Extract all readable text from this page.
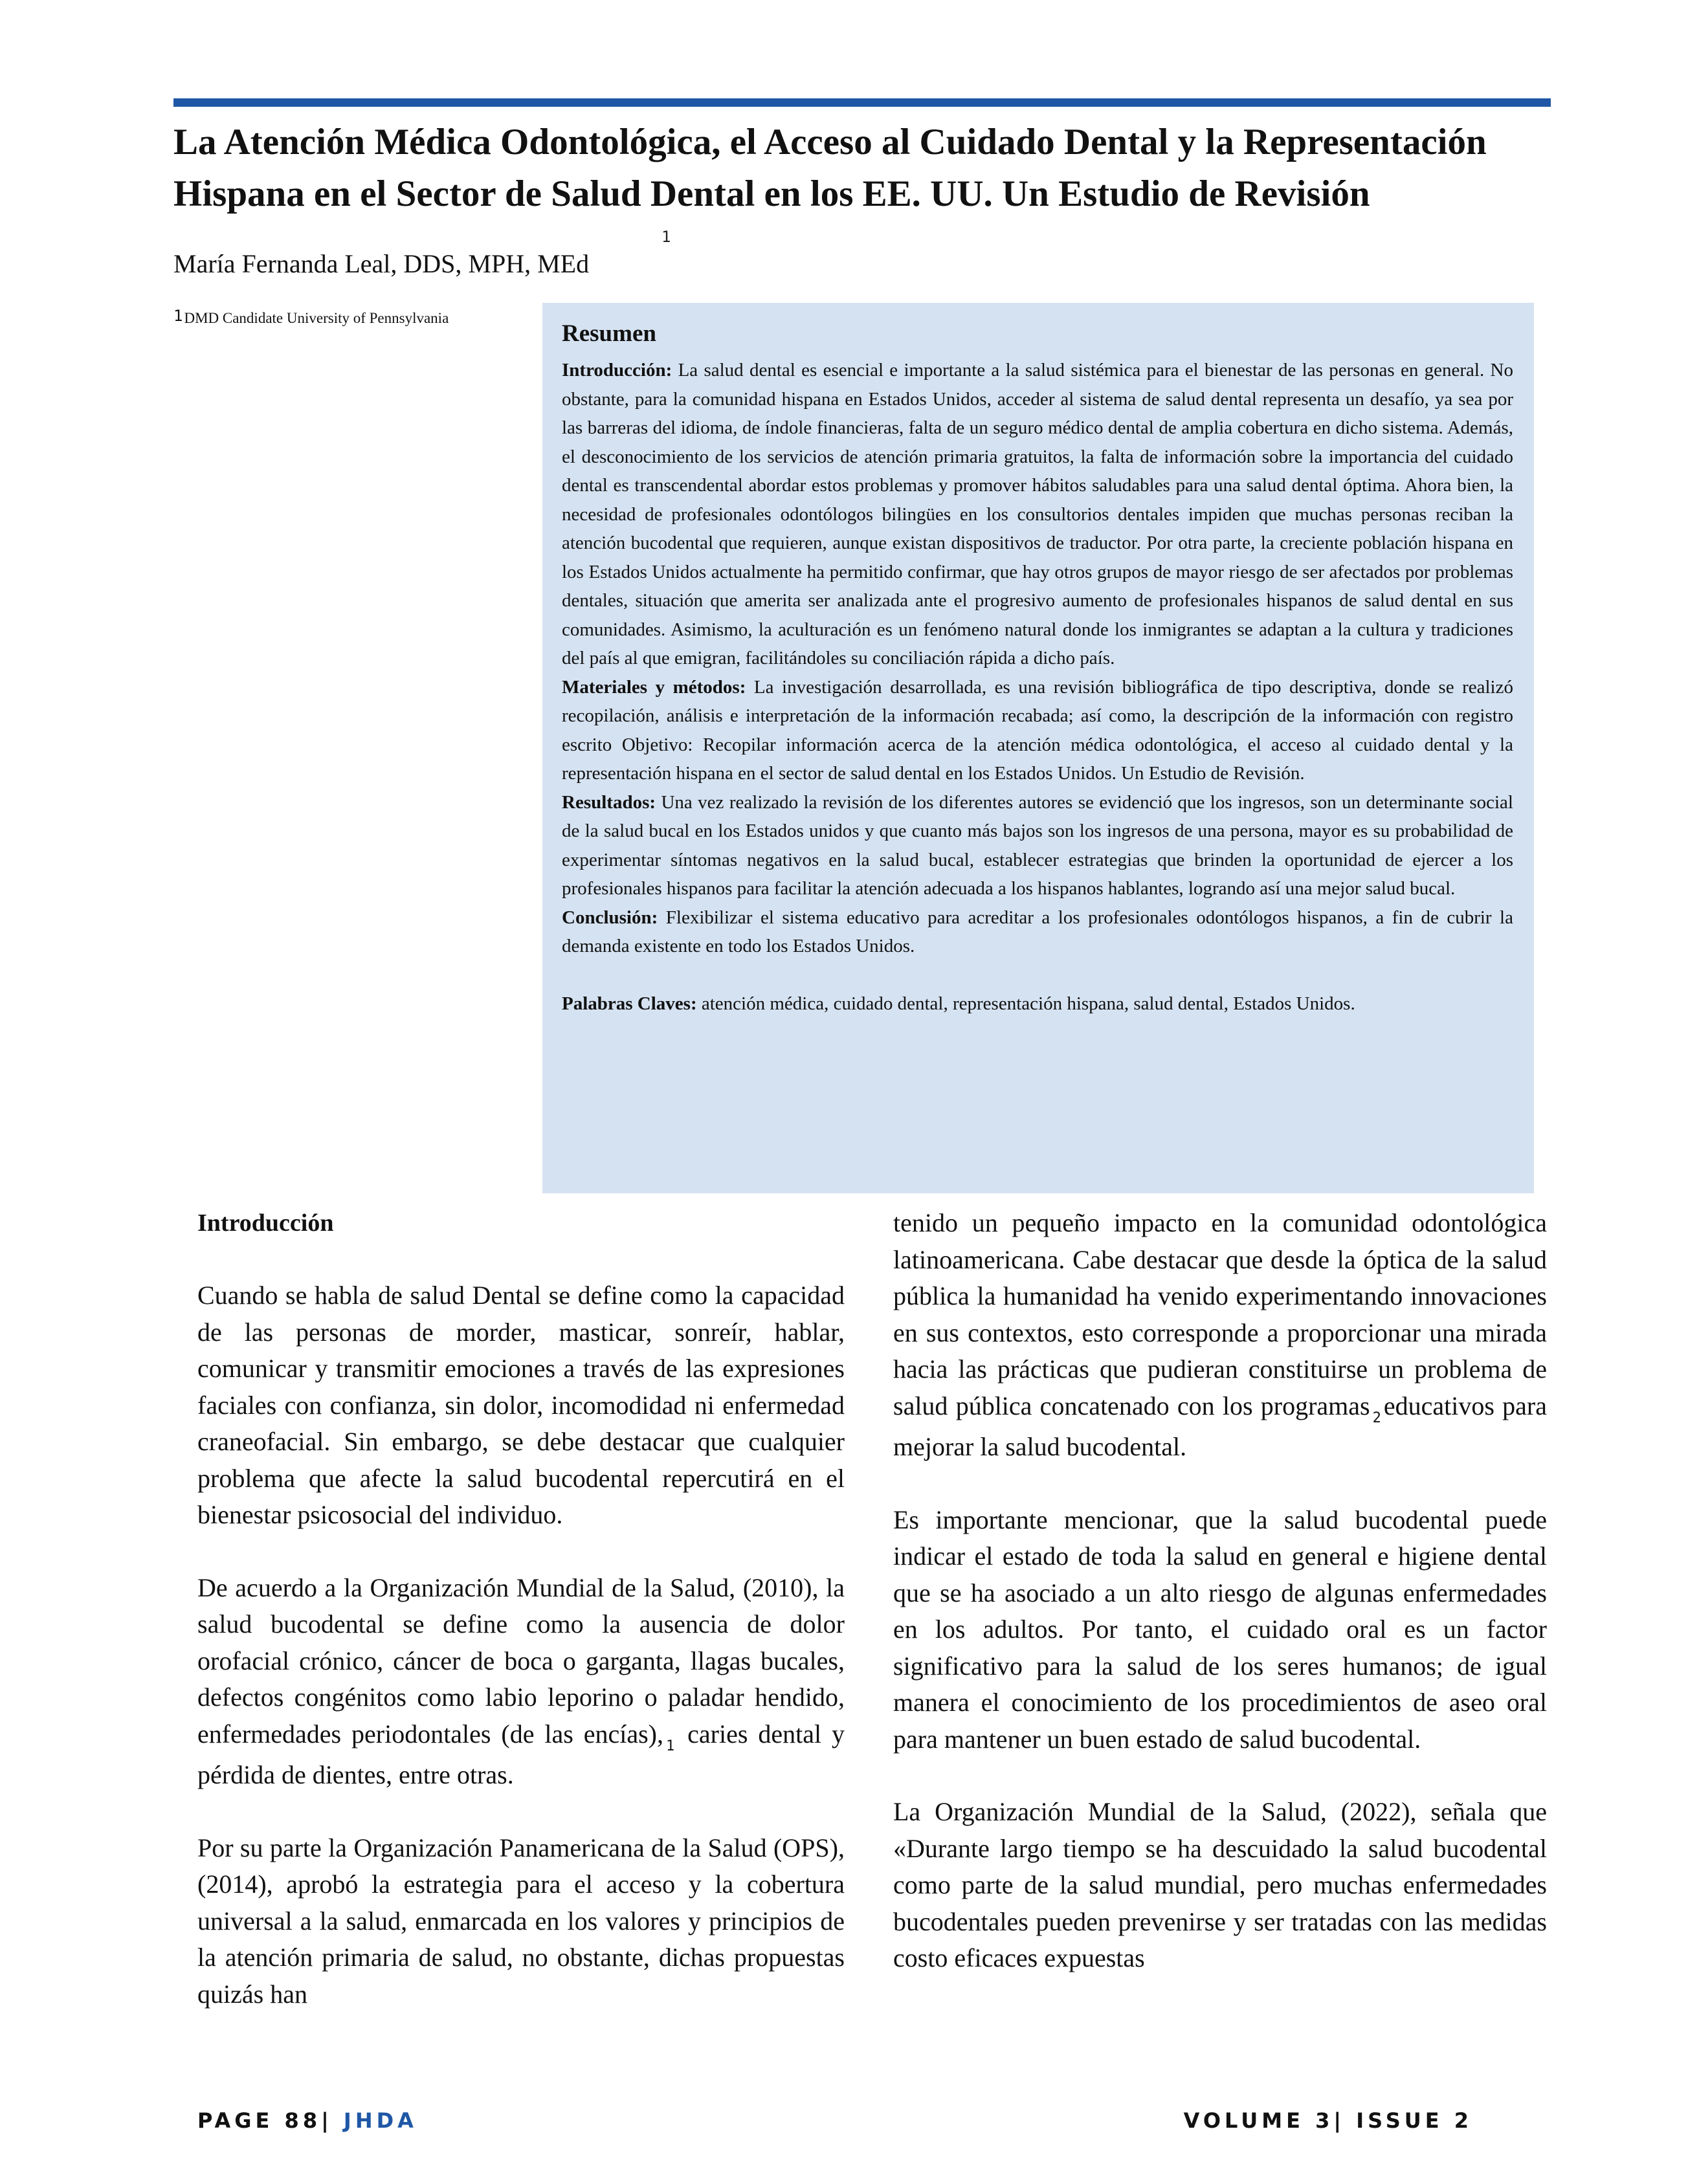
La Atención Médica Odontológica, el Acceso al Cuidado Dental y la Representación Hispana en el Sector de Salud Dental en los EE. UU. Un Estudio de Revisión
1
María Fernanda Leal, DDS, MPH, MEd
1DMD Candidate University of Pennsylvania
Resumen

Introducción: La salud dental es esencial e importante a la salud sistémica para el bienestar de las personas en general. No obstante, para la comunidad hispana en Estados Unidos, acceder al sistema de salud dental representa un desafío, ya sea por las barreras del idioma, de índole financieras, falta de un seguro médico dental de amplia cobertura en dicho sistema. Además, el desconocimiento de los servicios de atención primaria gratuitos, la falta de información sobre la importancia del cuidado dental es transcendental abordar estos problemas y promover hábitos saludables para una salud dental óptima. Ahora bien, la necesidad de profesionales odontólogos bilingües en los consultorios dentales impiden que muchas personas reciban la atención bucodental que requieren, aunque existan dispositivos de traductor. Por otra parte, la creciente población hispana en los Estados Unidos actualmente ha permitido confirmar, que hay otros grupos de mayor riesgo de ser afectados por problemas dentales, situación que amerita ser analizada ante el progresivo aumento de profesionales hispanos de salud dental en sus comunidades. Asimismo, la aculturación es un fenómeno natural donde los inmigrantes se adaptan a la cultura y tradiciones del país al que emigran, facilitándoles su conciliación rápida a dicho país.

Materiales y métodos: La investigación desarrollada, es una revisión bibliográfica de tipo descriptiva, donde se realizó recopilación, análisis e interpretación de la información recabada; así como, la descripción de la información con registro escrito Objetivo: Recopilar información acerca de la atención médica odontológica, el acceso al cuidado dental y la representación hispana en el sector de salud dental en los Estados Unidos. Un Estudio de Revisión.

Resultados: Una vez realizado la revisión de los diferentes autores se evidenció que los ingresos, son un determinante social de la salud bucal en los Estados unidos y que cuanto más bajos son los ingresos de una persona, mayor es su probabilidad de experimentar síntomas negativos en la salud bucal, establecer estrategias que brinden la oportunidad de ejercer a los profesionales hispanos para facilitar la atención adecuada a los hispanos hablantes, logrando así una mejor salud bucal.

Conclusión: Flexibilizar el sistema educativo para acreditar a los profesionales odontólogos hispanos, a fin de cubrir la demanda existente en todo los Estados Unidos.

Palabras Claves: atención médica, cuidado dental, representación hispana, salud dental, Estados Unidos.

Introducción

Cuando se habla de salud Dental se define como la capacidad de las personas de morder, masticar, sonreír, hablar, comunicar y transmitir emociones a través de las expresiones faciales con confianza, sin dolor, incomodidad ni enfermedad craneofacial. Sin embargo, se debe destacar que cualquier problema que afecte la salud bucodental repercutirá en el bienestar psicosocial del individuo.

De acuerdo a la Organización Mundial de la Salud, (2010), la salud bucodental se define como la ausencia de dolor orofacial crónico, cáncer de boca o garganta, llagas bucales, defectos congénitos como labio leporino o paladar hendido, enfermedades periodontales (de las encías), $_1$ caries dental y pérdida de dientes, entre otras.

Por su parte la Organización Panamericana de la Salud (OPS), (2014), aprobó la estrategia para el acceso y la cobertura universal a la salud, enmarcada en los valores y principios de la atención primaria de salud, no obstante, dichas propuestas quizás han

tenido un pequeño impacto en la comunidad odontológica latinoamericana. Cabe destacar que desde la óptica de la salud pública la humanidad ha venido experimentando innovaciones en sus contextos, esto corresponde a proporcionar una mirada hacia las prácticas que pudieran constituirse un problema de salud pública concatenado con los programas $_2$ educativos para mejorar la salud bucodental.

Es importante mencionar, que la salud bucodental puede indicar el estado de toda la salud en general e higiene dental que se ha asociado a un alto riesgo de algunas enfermedades en los adultos. Por tanto, el cuidado oral es un factor significativo para la salud de los seres humanos; de igual manera el conocimiento de los procedimientos de aseo oral para mantener un buen estado de salud bucodental.

La Organización Mundial de la Salud, (2022), señala que «Durante largo tiempo se ha descuidado la salud bucodental como parte de la salud mundial, pero muchas enfermedades bucodentales pueden prevenirse y ser tratadas con las medidas costo eficaces expuestas

PAGE 88| JHDA	VOLUME 3| ISSUE 2
